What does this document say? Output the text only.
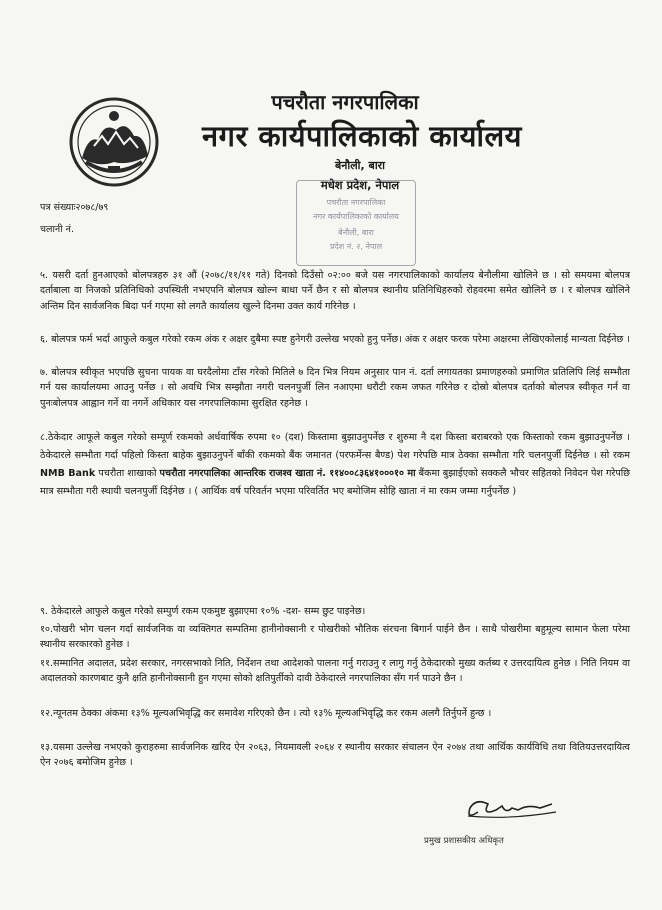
पचरौता नगरपालिका
नगर कार्यपालिकाको कार्यालय
बेनौली, बारा
मधेश प्रदेश, नेपाल
पचरौता नगरपालिका
नगर कार्यपालिकाको कार्यालय
बेनौली, बारा
प्रदेश नं. २, नेपाल
पत्र संख्याः२०७८/७९
चलानी नं.
५. यसरी दर्ता हुनआएको बोलपत्रहरु ३१ औं (२०७८/११/११ गते) दिनको दिउँसो ०२:०० बजे यस नगरपालिकाको कार्यालय बेनौलीमा खोलिने छ । सो समयमा बोलपत्र दर्ताबाला वा निजको प्रतिनिधिको उपस्थिती नभएपनि बोलपत्र खोल्न बाधा पर्ने छैन र सो बोलपत्र स्थानीय प्रतिनिधिहरुको रोहवरमा समेत खोलिने छ । र बोलपत्र खोलिने अन्तिम दिन सार्वजनिक बिदा पर्न गएमा सो लगतै कार्यालय खुल्ने दिनमा उक्त कार्य गरिनेछ ।
६. बोलपत्र फर्म भर्दा आफुले कबुल गरेको रकम अंक र अक्षर दुबैमा स्पष्ट हुनेगरी उल्लेख भएको हुनु पर्नेछ। अंक र अक्षर फरक परेमा अक्षरमा लेखिएकोलाई मान्यता दिईनेछ ।
७. बोलपत्र स्वीकृत भएपछि सुचना पायक वा घरदैलोमा टाँस गरेको मितिले ७ दिन भित्र नियम अनुसार पान नं. दर्ता लगायतका प्रमाणहरुको प्रमाणित प्रतिलिपि लिई सम्भौता गर्न यस कार्यालयमा आउनु पर्नेछ । सो अवधि भित्र सम्झौता नगरी चलनपुर्जी लिन नआएमा धरौटी रकम जफत गरिनेछ र दोस्रो बोलपत्र दर्ताको बोलपत्र स्वीकृत गर्न वा पुनःबोलपत्र आह्वान गर्ने वा नगर्ने अधिकार यस नगरपालिकामा सुरक्षित रहनेछ ।
८.ठेकेदार आफूले कबुल गरेको सम्पूर्ण रकमको अर्धवार्षिक रुपमा १० (दश) किस्तामा बुझाउनुपर्नेछ र शुरुमा नै दश किस्ता बराबरको एक किस्ताको रकम बुझाउनुपर्नेछ । ठेकेदारले सम्भौता गर्दा पहिलो किस्ता बाहेक बुझाउनुपर्ने बाँकी रकमको बैंक जमानत (परफर्मेन्स बैण्ड) पेश गरेपछि मात्र ठेक्का सम्भौता गरि चलनपुर्जी दिईनेछ । सो रकम NMB Bank पचरौता शाखाको पचरौता नगरपालिका आन्तरिक राजश्व खाता नं. ११४००८३६४१०००१० मा बैंकमा बुझाईएको सक्कलै भौचर सहितको निवेदन पेश गरेपछि मात्र सम्भौता गरी स्थायी चलनपुर्जी दिईनेछ । ( आर्थिक वर्ष परिवर्तन भएमा परिवर्तित भए बमोजिम सोहि खाता नं मा रकम जम्मा गर्नुपर्नेछ )
९. ठेकेदारले आफुले कबुल गरेको सम्पुर्ण रकम एकमुष्ट बुझाएमा १०% -दश- सम्म छुट पाइनेछ।
१०.पोखरी भोग चलन गर्दा सार्वजनिक वा व्यक्तिगत सम्पतिमा हानीनोक्सानी र पोखरीको भौतिक संरचना बिगार्न पाईने छैन । साथै पोखरीमा बहुमूल्य सामान फेला परेमा स्थानीय सरकारको हुनेछ ।
११.सम्मानित अदालत, प्रदेश सरकार, नगरसभाको निति, निर्देशन तथा आदेशको पालना गर्नु गराउनु र लागु गर्नु ठेकेदारको मुख्य कर्तब्य र उत्तरदायित्व हुनेछ । निति नियम वा अदालतको कारणबाट कुनै क्षति हानीनोक्सानी हुन गएमा सोको क्षतिपुर्तीको दावी ठेकेदारले नगरपालिका सँग गर्न पाउने छैन ।
१२.न्यूनतम ठेक्का अंकमा १३% मूल्यअभिवृद्धि कर समावेश गरिएको छैन । त्यो १३% मूल्यअभिवृद्धि कर रकम अलगै तिर्नुपर्ने हुन्छ ।
१३.यसमा उल्लेख नभएको कुराहरुमा सार्वजनिक खरिद ऐन २०६३, नियमावली २०६४ र स्थानीय सरकार संचालन ऐन २०७४ तथा आर्थिक कार्यविधि तथा वितियउत्तरदायित्व ऐन २०७६ बमोजिम हुनेछ ।
प्रमुख प्रशासकीय अधिकृत
